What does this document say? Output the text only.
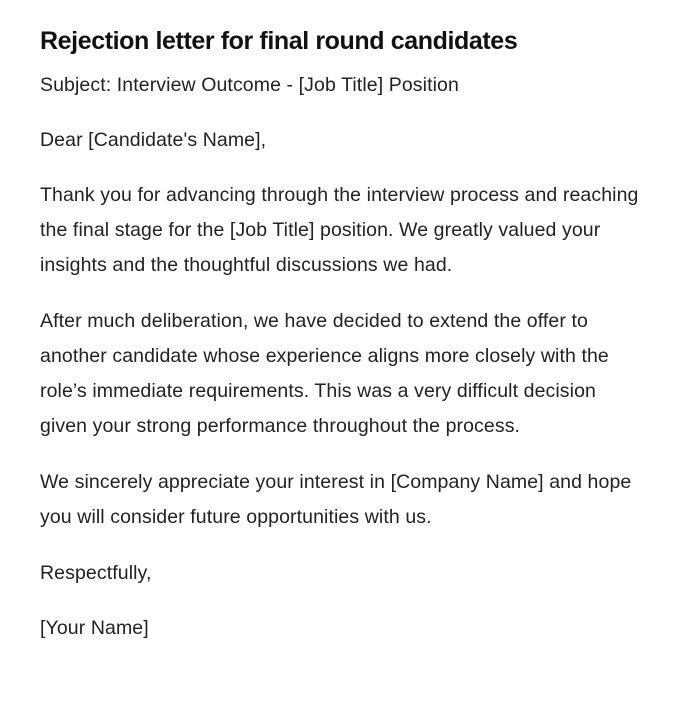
Rejection letter for final round candidates

Subject: Interview Outcome - [Job Title] Position

Dear [Candidate's Name],

Thank you for advancing through the interview process and reaching the final stage for the [Job Title] position. We greatly valued your insights and the thoughtful discussions we had.

After much deliberation, we have decided to extend the offer to another candidate whose experience aligns more closely with the role’s immediate requirements. This was a very difficult decision given your strong performance throughout the process.

We sincerely appreciate your interest in [Company Name] and hope you will consider future opportunities with us.

Respectfully,

[Your Name]
